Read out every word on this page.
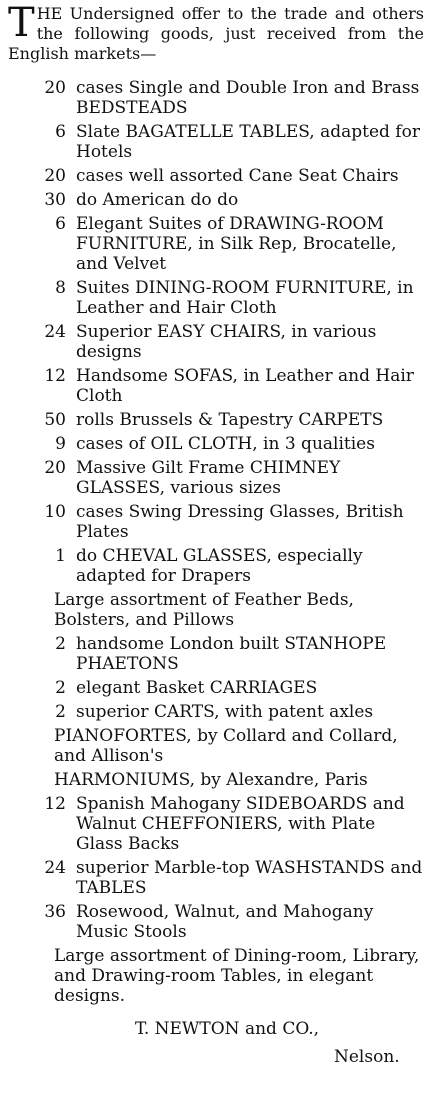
T HE Undersigned offer to the trade and others the following goods, just received from the English markets—

20 cases Single and Double Iron and Brass BEDSTEADS
6 Slate BAGATELLE TABLES, adapted for Hotels
20 cases well assorted Cane Seat Chairs
30 do American do do
6 Elegant Suites of DRAWING-ROOM FURNITURE, in Silk Rep, Brocatelle, and Velvet
8 Suites DINING-ROOM FURNITURE, in Leather and Hair Cloth
24 Superior EASY CHAIRS, in various designs
12 Handsome SOFAS, in Leather and Hair Cloth
50 rolls Brussels & Tapestry CARPETS
9 cases of OIL CLOTH, in 3 qualities
20 Massive Gilt Frame CHIMNEY GLASSES, various sizes
10 cases Swing Dressing Glasses, British Plates
1 do CHEVAL GLASSES, especially adapted for Drapers
Large assortment of Feather Beds, Bolsters, and Pillows
2 handsome London built STANHOPE PHAETONS
2 elegant Basket CARRIAGES
2 superior CARTS, with patent axles
PIANOFORTES, by Collard and Collard, and Allison's
HARMONIUMS, by Alexandre, Paris
12 Spanish Mahogany SIDEBOARDS and Walnut CHEFFONIERS, with Plate Glass Backs
24 superior Marble-top WASHSTANDS and TABLES
36 Rosewood, Walnut, and Mahogany Music Stools
Large assortment of Dining-room, Library, and Drawing-room Tables, in elegant designs.
T. NEWTON and CO.,
Nelson.
